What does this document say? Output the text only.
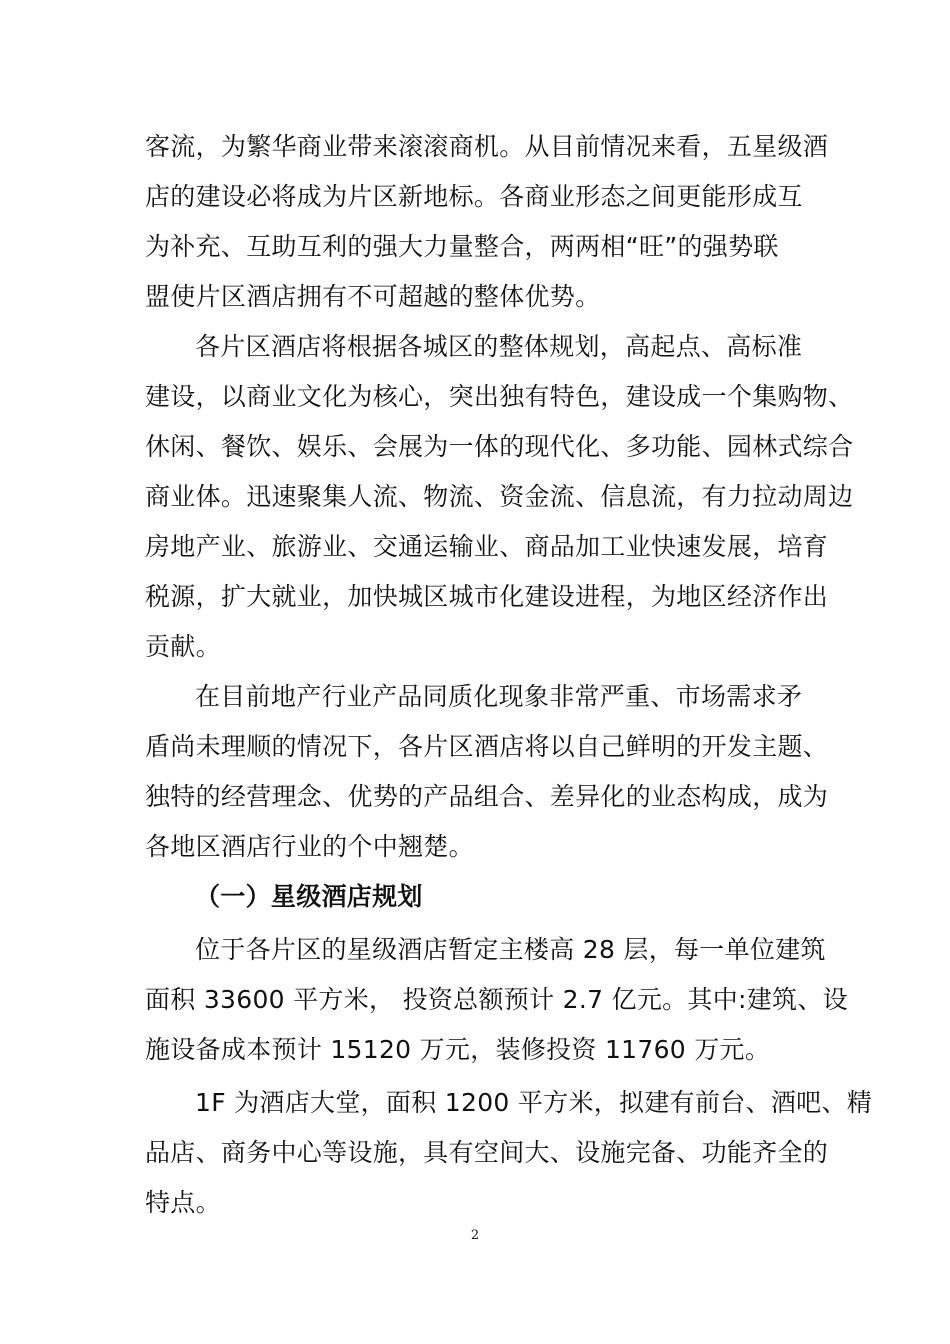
客流，为繁华商业带来滚滚商机。从目前情况来看，五星级酒
店的建设必将成为片区新地标。各商业形态之间更能形成互
为补充、互助互利的强大力量整合，两两相“旺”的强势联
盟使片区酒店拥有不可超越的整体优势。
各片区酒店将根据各城区的整体规划，高起点、高标准
建设，以商业文化为核心，突出独有特色，建设成一个集购物、
休闲、餐饮、娱乐、会展为一体的现代化、多功能、园林式综合
商业体。迅速聚集人流、物流、资金流、信息流，有力拉动周边
房地产业、旅游业、交通运输业、商品加工业快速发展，培育
税源，扩大就业，加快城区城市化建设进程，为地区经济作出
贡献。
在目前地产行业产品同质化现象非常严重、市场需求矛
盾尚未理顺的情况下，各片区酒店将以自己鲜明的开发主题、
独特的经营理念、优势的产品组合、差异化的业态构成，成为
各地区酒店行业的个中翘楚。
（一）星级酒店规划
位于各片区的星级酒店暂定主楼高 28 层，每一单位建筑
面积 33600 平方米， 投资总额预计 2.7 亿元。其中:建筑、设
施设备成本预计 15120 万元，装修投资 11760 万元。
1F 为酒店大堂，面积 1200 平方米，拟建有前台、酒吧、精
品店、商务中心等设施，具有空间大、设施完备、功能齐全的
特点。
2
